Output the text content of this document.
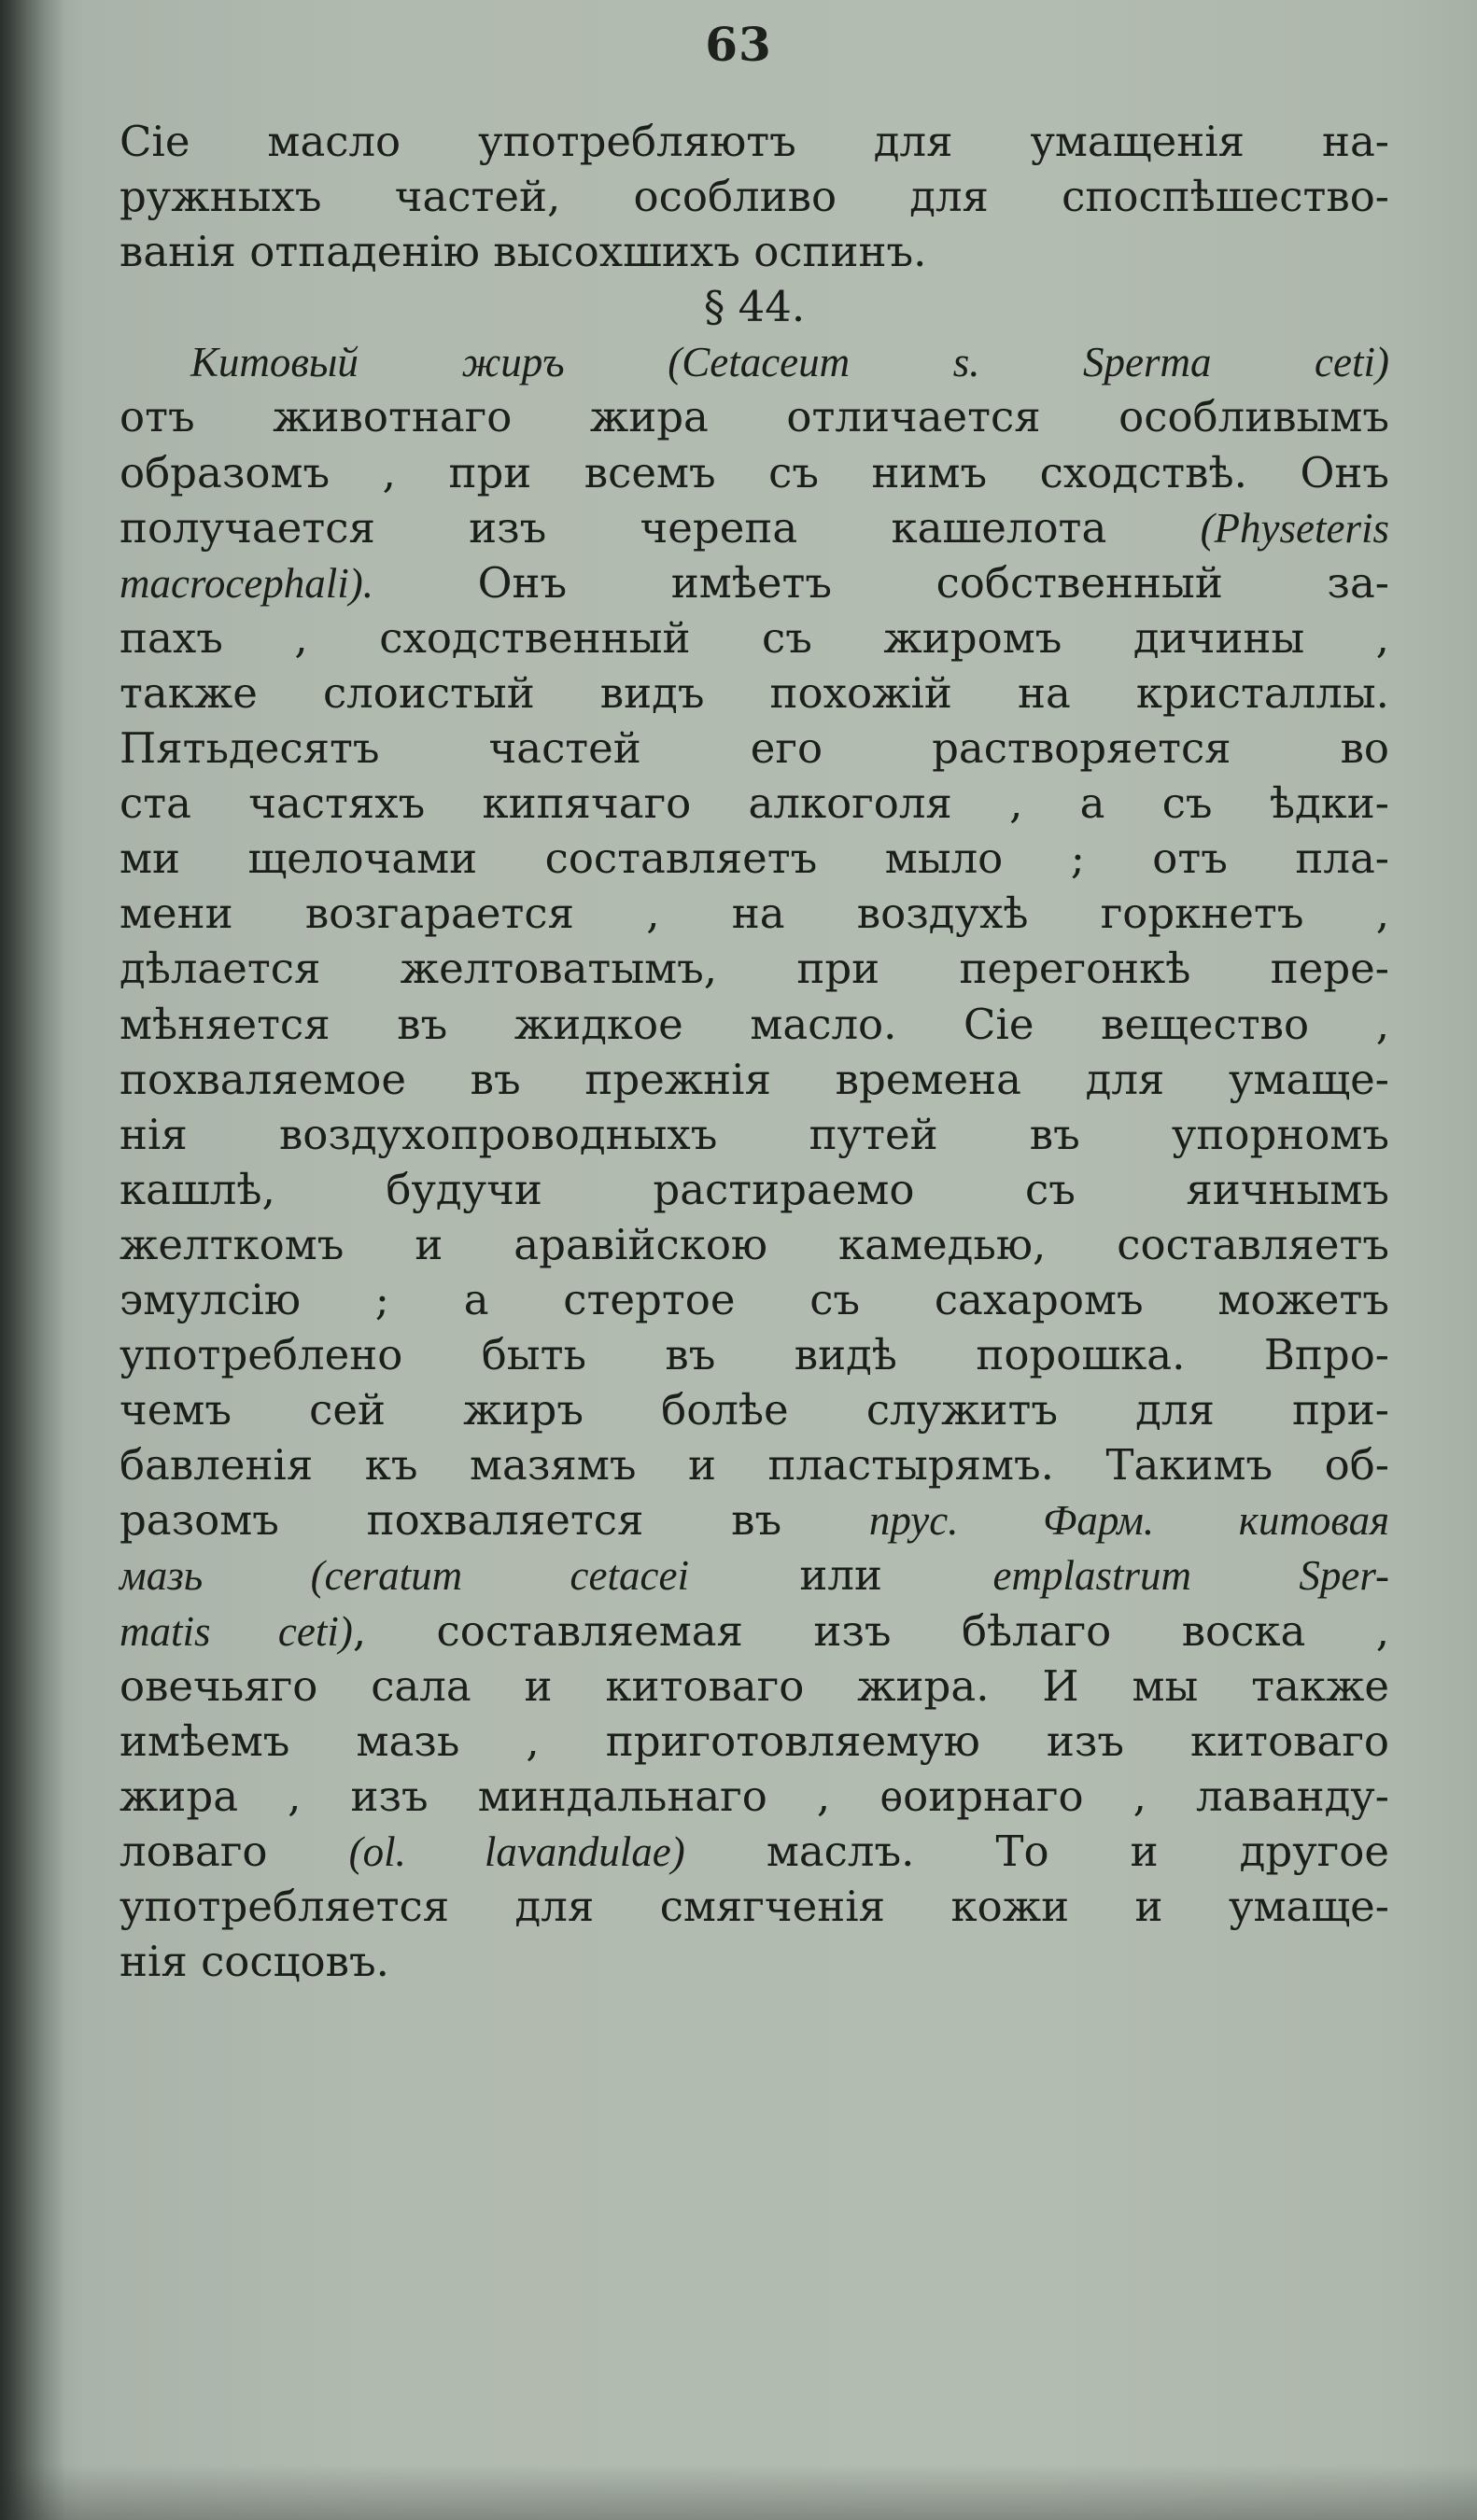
63
Сіе масло употребляютъ для умащенія на-
ружныхъ частей, особливо для споспѣшество-
ванія отпаденію высохшихъ оспинъ.
§ 44.
Китовый жиръ (Cetaceum s. Sperma ceti)
отъ животнаго жира отличается особливымъ
образомъ , при всемъ съ нимъ сходствѣ. Онъ
получается изъ черепа кашелота (Physeteris
macrocephali). Онъ имѣетъ собственный за-
пахъ , сходственный съ жиромъ дичины ,
также слоистый видъ похожій на кристаллы.
Пятьдесятъ частей его растворяется во
ста частяхъ кипячаго алкоголя , а съ ѣдки-
ми щелочами составляетъ мыло ; отъ пла-
мени возгарается , на воздухѣ горкнетъ ,
дѣлается желтоватымъ, при перегонкѣ пере-
мѣняется въ жидкое масло. Сіе вещество ,
похваляемое въ прежнія времена для умаще-
нія воздухопроводныхъ путей въ упорномъ
кашлѣ, будучи растираемо съ яичнымъ
желткомъ и аравійскою камедью, составляетъ
эмулсію ; а стертое съ сахаромъ можетъ
употреблено быть въ видѣ порошка. Впро-
чемъ сей жиръ болѣе служитъ для при-
бавленія къ мазямъ и пластырямъ. Такимъ об-
разомъ похваляется въ прус. Фарм. китовая
мазь (ceratum cetacei или emplastrum Sper-
matis ceti), составляемая изъ бѣлаго воска ,
овечьяго сала и китоваго жира. И мы также
имѣемъ мазь , приготовляемую изъ китоваго
жира , изъ миндальнаго , ѳоирнаго , лаванду-
ловаго (ol. lavandulae) маслъ. То и другое
употребляется для смягченія кожи и умаще-
нія сосцовъ.
